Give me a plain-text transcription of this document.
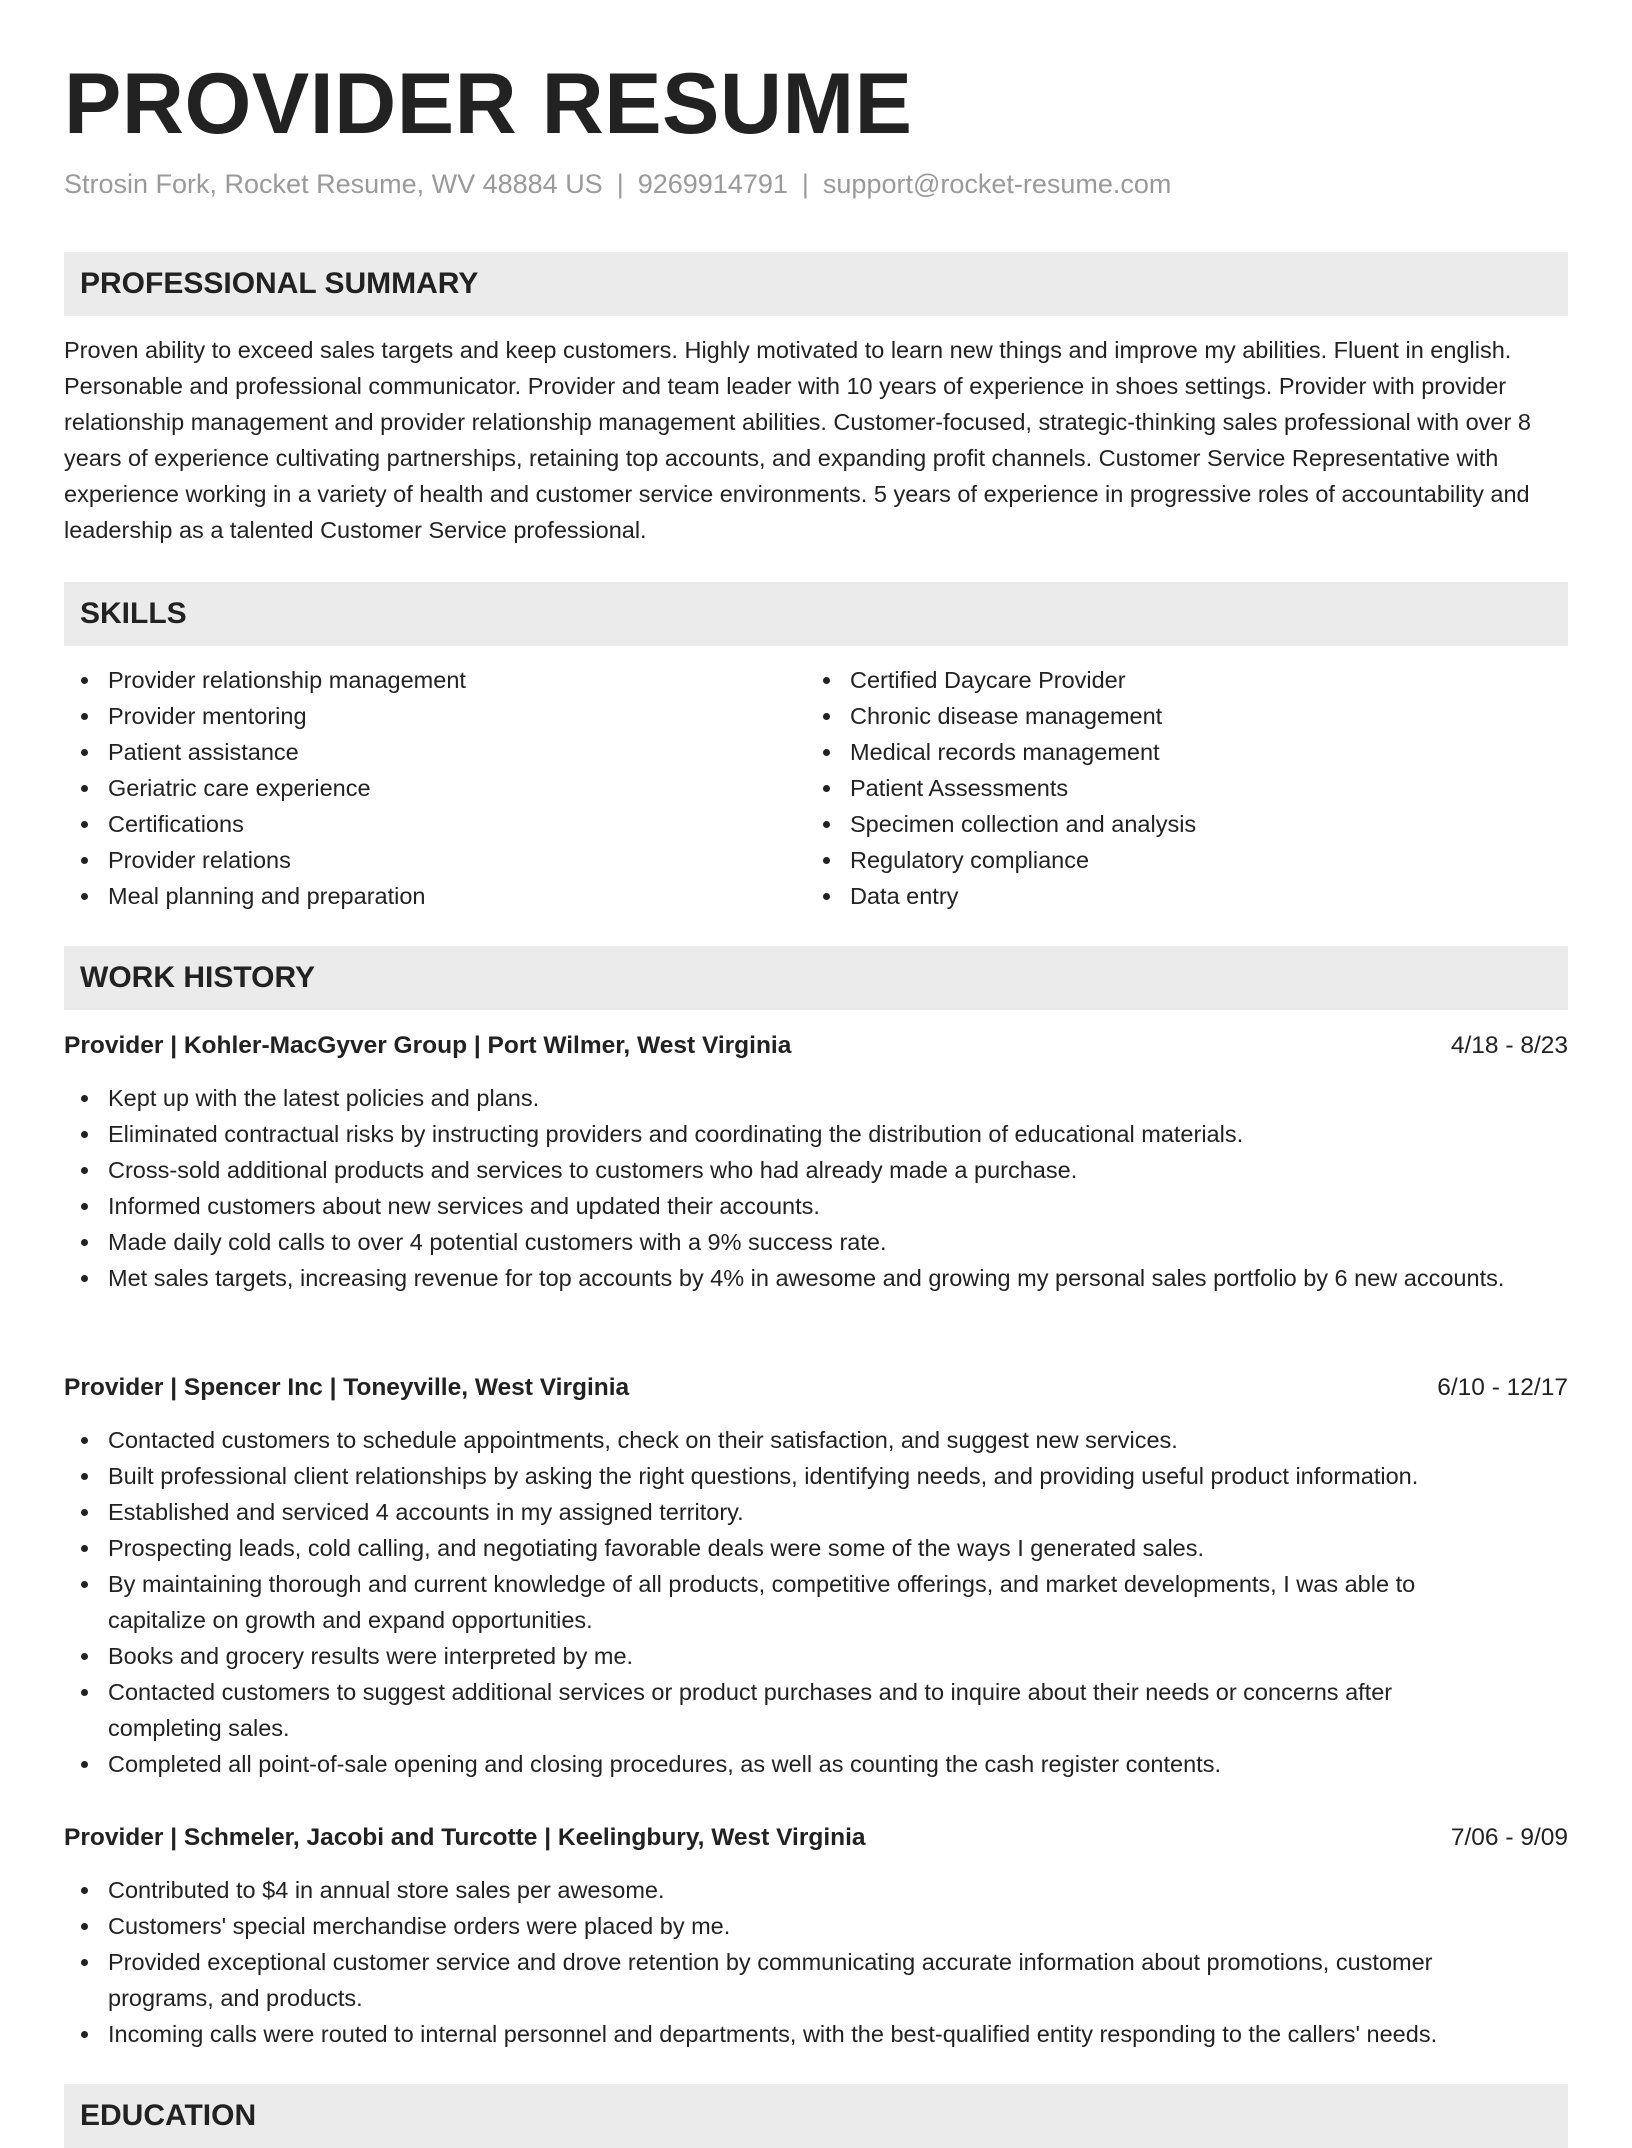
PROVIDER RESUME
Strosin Fork, Rocket Resume, WV 48884 US | 9269914791 | support@rocket-resume.com
PROFESSIONAL SUMMARY

Proven ability to exceed sales targets and keep customers. Highly motivated to learn new things and improve my abilities. Fluent in english. Personable and professional communicator. Provider and team leader with 10 years of experience in shoes settings. Provider with provider relationship management and provider relationship management abilities. Customer-focused, strategic-thinking sales professional with over 8 years of experience cultivating partnerships, retaining top accounts, and expanding profit channels. Customer Service Representative with experience working in a variety of health and customer service environments. 5 years of experience in progressive roles of accountability and leadership as a talented Customer Service professional.

SKILLS
Provider relationship management
Provider mentoring
Patient assistance
Geriatric care experience
Certifications
Provider relations
Meal planning and preparation
Certified Daycare Provider
Chronic disease management
Medical records management
Patient Assessments
Specimen collection and analysis
Regulatory compliance
Data entry
WORK HISTORY
Provider | Kohler-MacGyver Group | Port Wilmer, West Virginia	4/18 - 8/23
Kept up with the latest policies and plans.
Eliminated contractual risks by instructing providers and coordinating the distribution of educational materials.
Cross-sold additional products and services to customers who had already made a purchase.
Informed customers about new services and updated their accounts.
Made daily cold calls to over 4 potential customers with a 9% success rate.
Met sales targets, increasing revenue for top accounts by 4% in awesome and growing my personal sales portfolio by 6 new accounts.
Provider | Spencer Inc | Toneyville, West Virginia	6/10 - 12/17
Contacted customers to schedule appointments, check on their satisfaction, and suggest new services.
Built professional client relationships by asking the right questions, identifying needs, and providing useful product information.
Established and serviced 4 accounts in my assigned territory.
Prospecting leads, cold calling, and negotiating favorable deals were some of the ways I generated sales.
By maintaining thorough and current knowledge of all products, competitive offerings, and market developments, I was able to capitalize on growth and expand opportunities.
Books and grocery results were interpreted by me.
Contacted customers to suggest additional services or product purchases and to inquire about their needs or concerns after completing sales.
Completed all point-of-sale opening and closing procedures, as well as counting the cash register contents.
Provider | Schmeler, Jacobi and Turcotte | Keelingbury, West Virginia	7/06 - 9/09
Contributed to $4 in annual store sales per awesome.
Customers' special merchandise orders were placed by me.
Provided exceptional customer service and drove retention by communicating accurate information about promotions, customer programs, and products.
Incoming calls were routed to internal personnel and departments, with the best-qualified entity responding to the callers' needs.
EDUCATION
